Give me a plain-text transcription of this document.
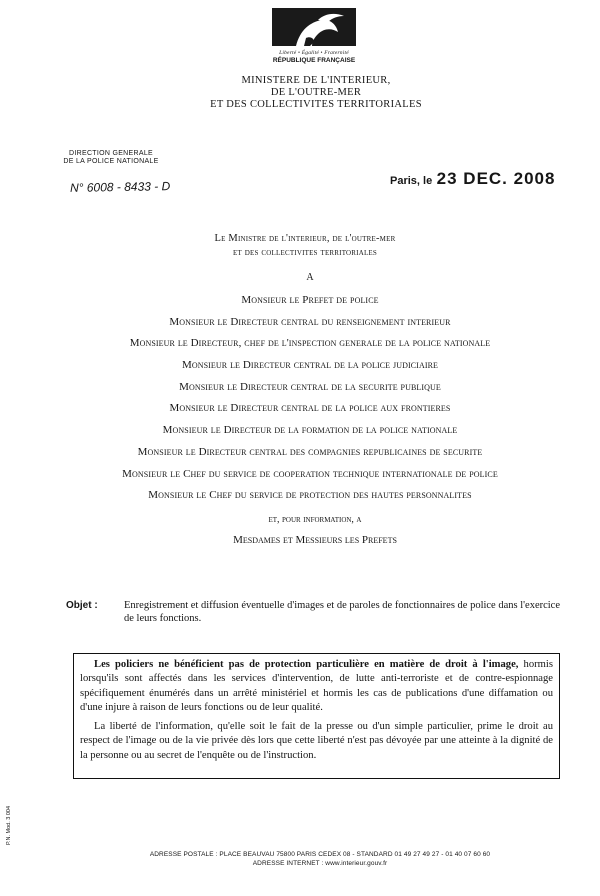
Liberté • Égalité • Fraternité
RÉPUBLIQUE FRANÇAISE
MINISTERE DE L'INTERIEUR,
DE L'OUTRE-MER
ET DES COLLECTIVITES TERRITORIALES
DIRECTION GENERALE
DE LA POLICE NATIONALE
N° 6008 - 8433 - D	Paris, le 23 DEC. 2008
Le Ministre de l'interieur, de l'outre-mer
et des collectivites territoriales
A
Monsieur le Prefet de police
Monsieur le Directeur central du renseignement interieur
Monsieur le Directeur, chef de l'inspection generale de la police nationale
Monsieur le Directeur central de la police judiciaire
Monsieur le Directeur central de la securite publique
Monsieur le Directeur central de la police aux frontieres
Monsieur le Directeur de la formation de la police nationale
Monsieur le Directeur central des compagnies republicaines de securite
Monsieur le Chef du service de cooperation technique internationale de police
Monsieur le Chef du service de protection des hautes personnalites
et, pour information, a
Mesdames et Messieurs les Prefets
Objet :	Enregistrement et diffusion éventuelle d'images et de paroles de fonctionnaires de police dans l'exercice de leurs fonctions.

Les policiers ne bénéficient pas de protection particulière en matière de droit à l'image, hormis lorsqu'ils sont affectés dans les services d'intervention, de lutte anti-terroriste et de contre-espionnage spécifiquement énumérés dans un arrêté ministériel et hormis les cas de publications d'une diffamation ou d'une injure à raison de leurs fonctions ou de leur qualité.

La liberté de l'information, qu'elle soit le fait de la presse ou d'un simple particulier, prime le droit au respect de l'image ou de la vie privée dès lors que cette liberté n'est pas dévoyée par une atteinte à la dignité de la personne ou au secret de l'enquête ou de l'instruction.

P.N. Mod. 3 004
ADRESSE POSTALE : PLACE BEAUVAU 75800 PARIS CEDEX 08 - STANDARD 01 49 27 49 27 - 01 40 07 60 60
ADRESSE INTERNET : www.interieur.gouv.fr
